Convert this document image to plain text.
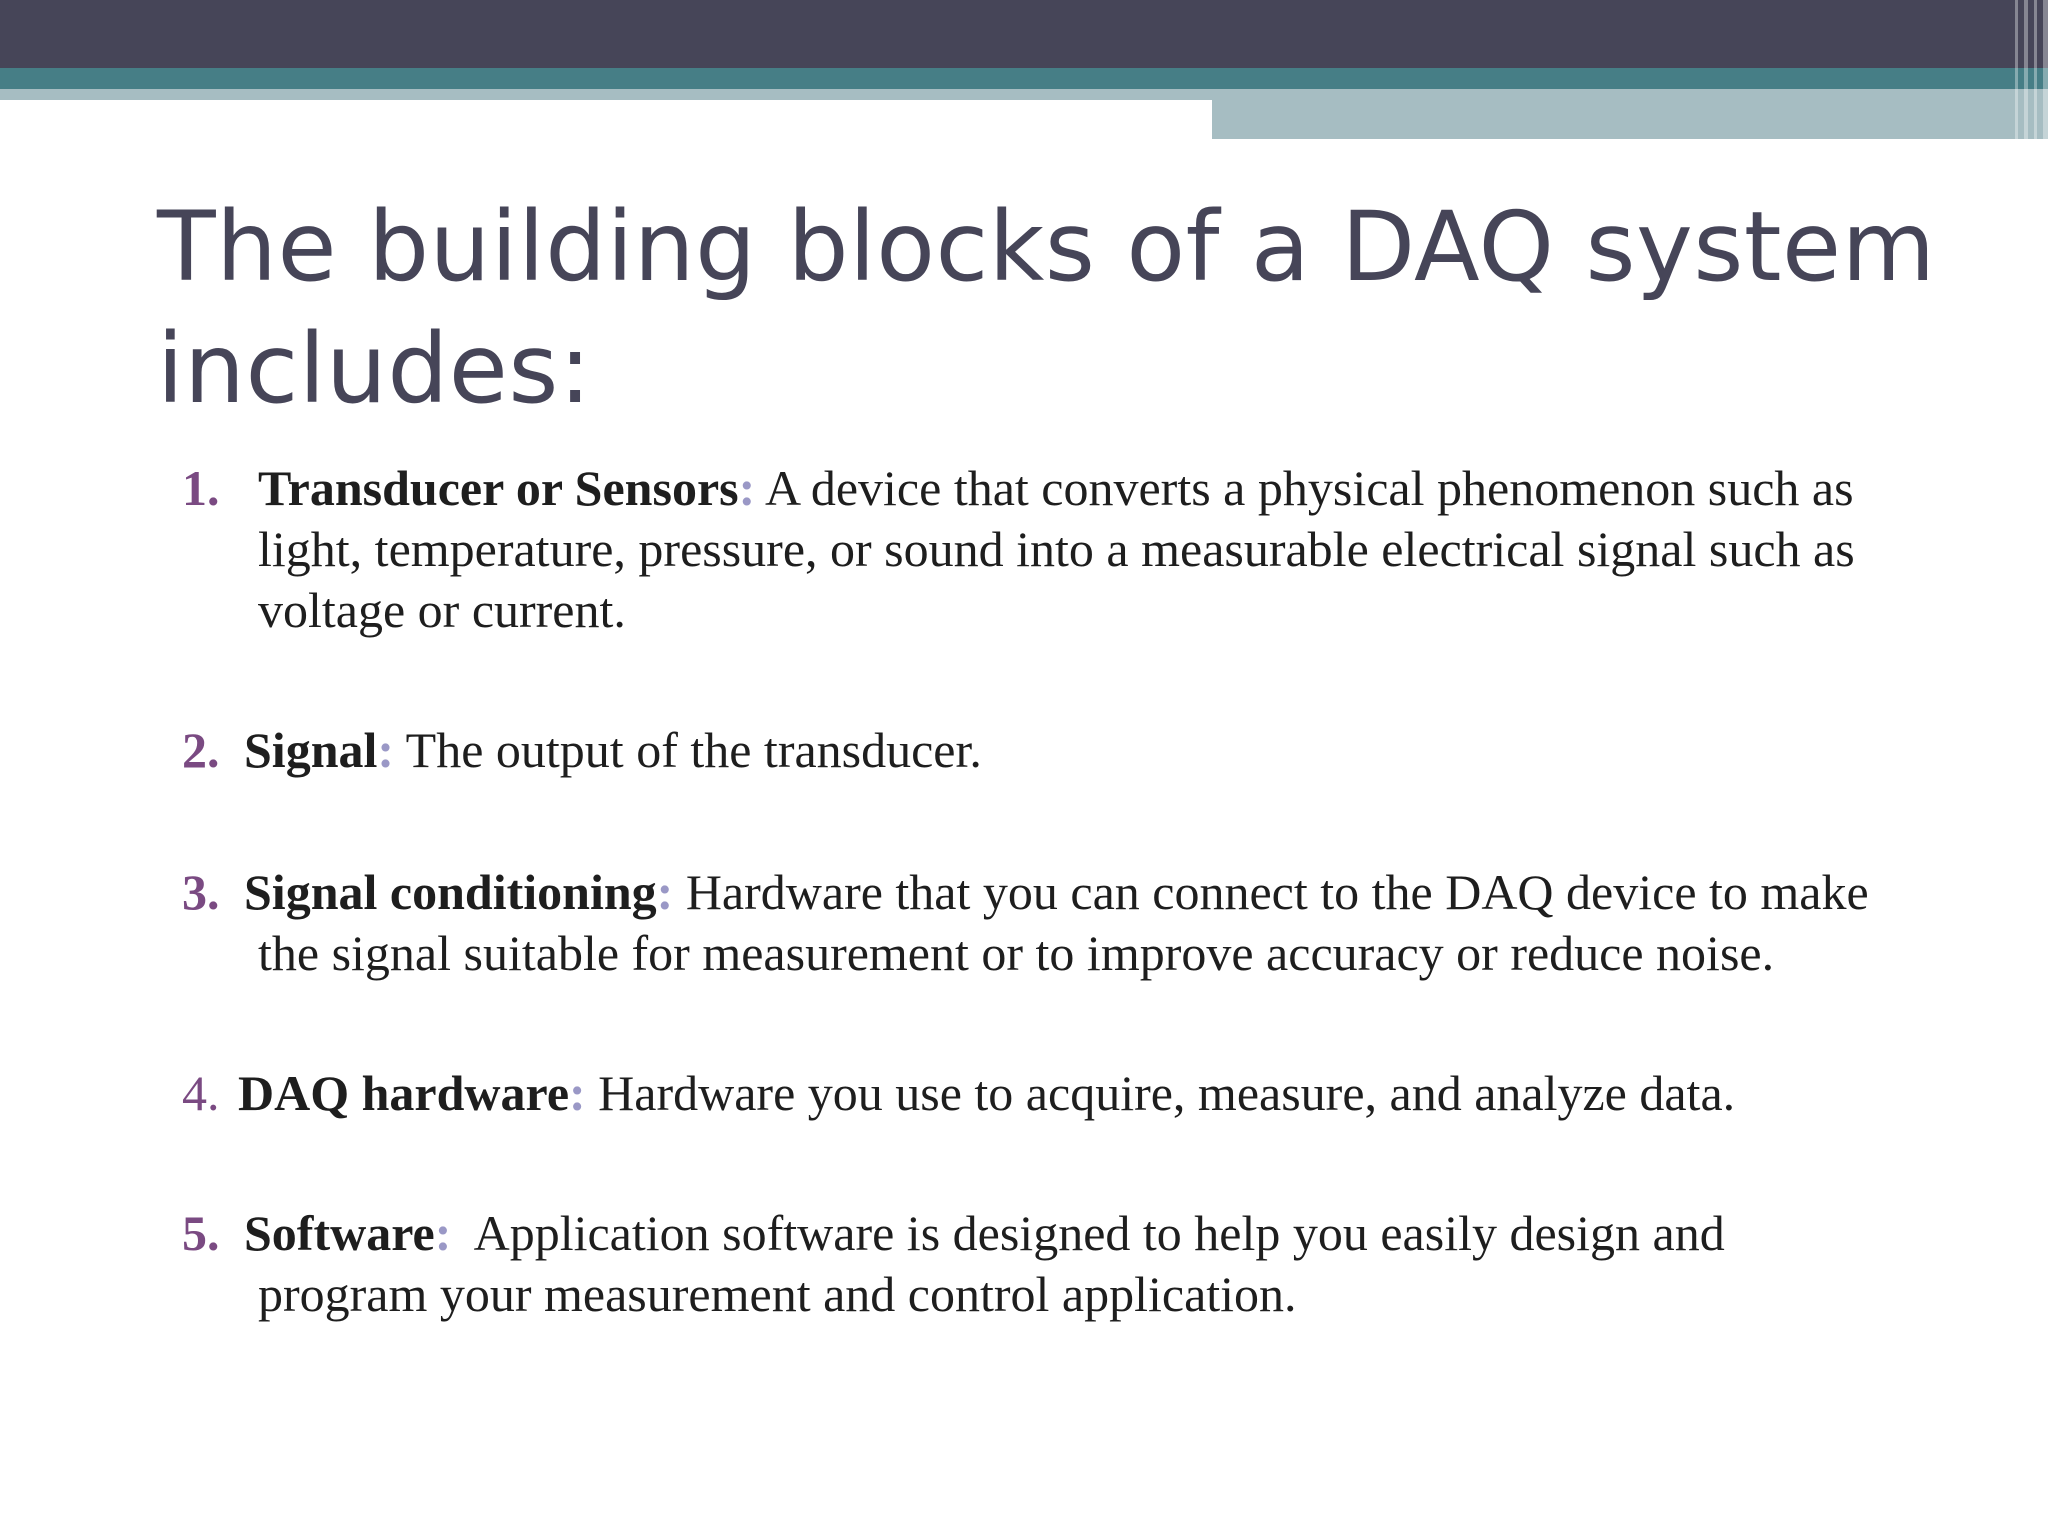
The building blocks of a DAQ system includes:
1. Transducer or Sensors: A device that converts a physical phenomenon such as light, temperature, pressure, or sound into a measurable electrical signal such as voltage or current.
2. Signal: The output of the transducer.
3. Signal conditioning: Hardware that you can connect to the DAQ device to make the signal suitable for measurement or to improve accuracy or reduce noise.
4. DAQ hardware: Hardware you use to acquire, measure, and analyze data.
5. Software:  Application software is designed to help you easily design and program your measurement and control application.
